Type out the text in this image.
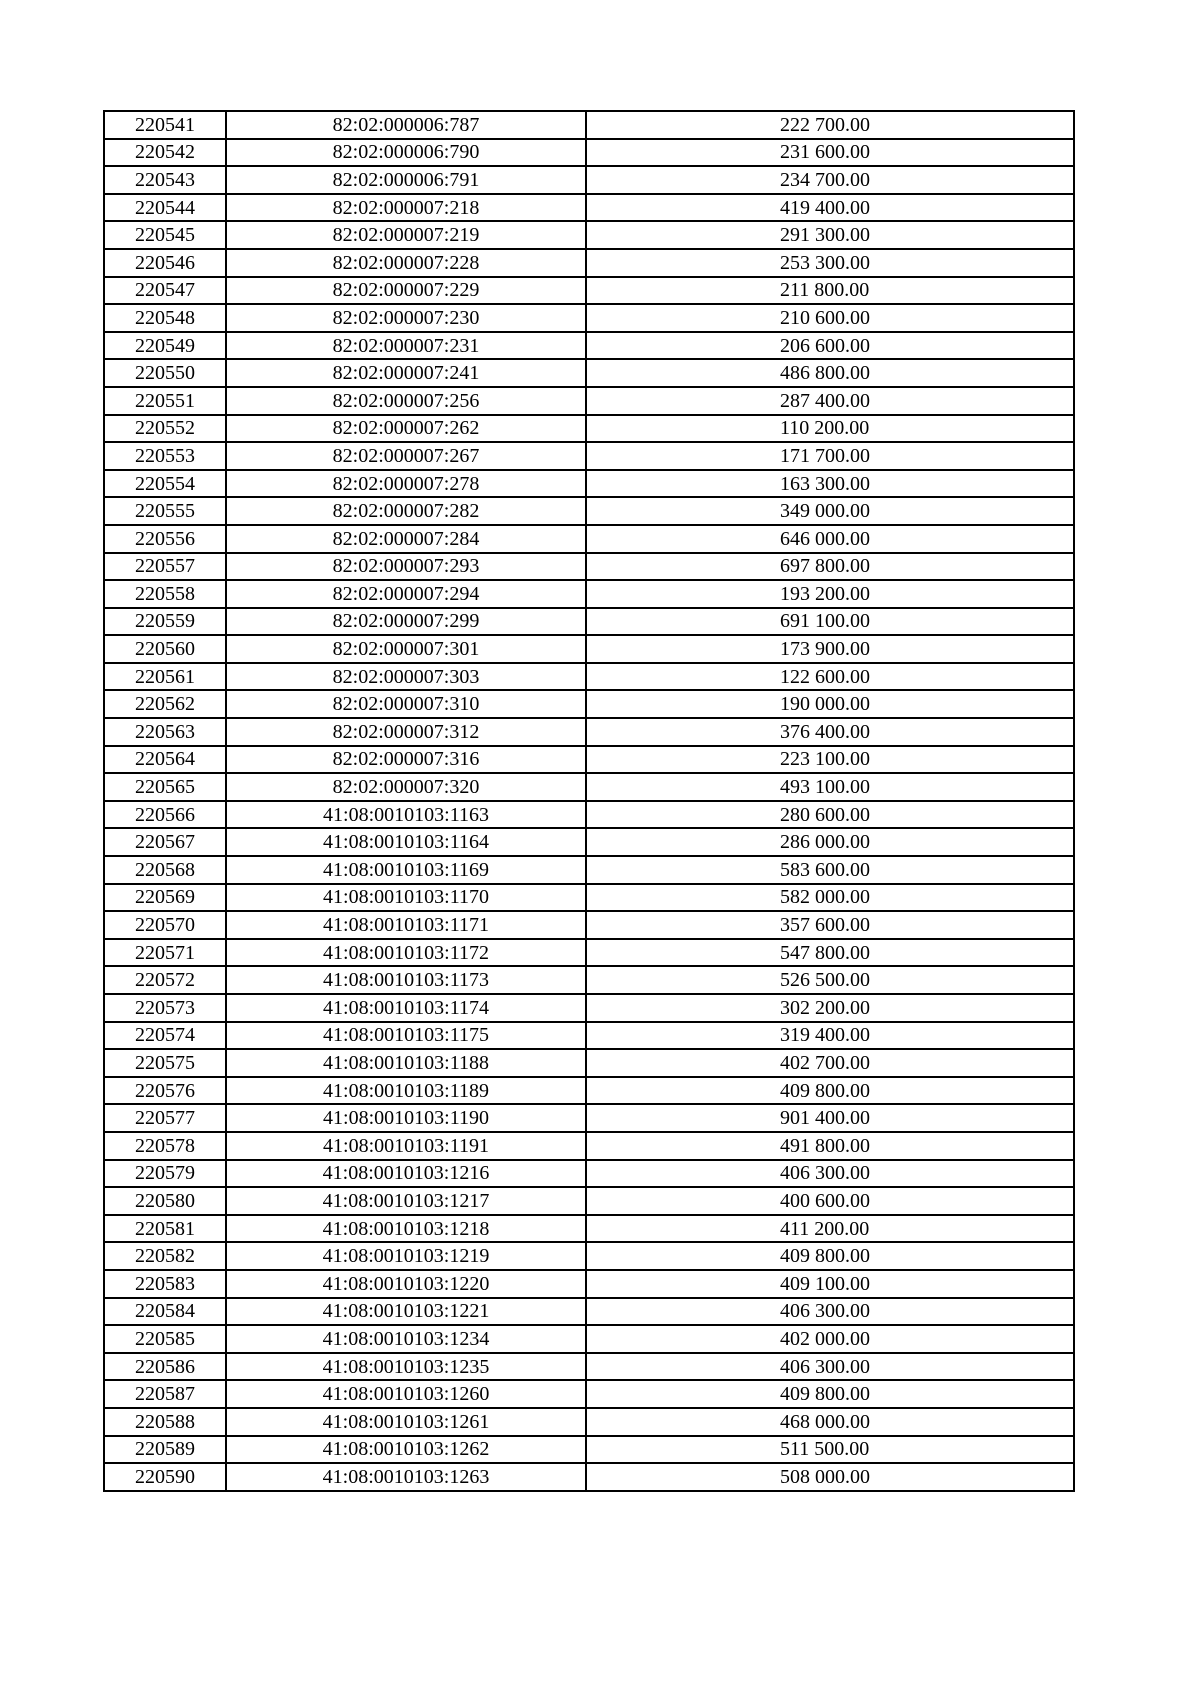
220541	82:02:000006:787	222 700.00
220542	82:02:000006:790	231 600.00
220543	82:02:000006:791	234 700.00
220544	82:02:000007:218	419 400.00
220545	82:02:000007:219	291 300.00
220546	82:02:000007:228	253 300.00
220547	82:02:000007:229	211 800.00
220548	82:02:000007:230	210 600.00
220549	82:02:000007:231	206 600.00
220550	82:02:000007:241	486 800.00
220551	82:02:000007:256	287 400.00
220552	82:02:000007:262	110 200.00
220553	82:02:000007:267	171 700.00
220554	82:02:000007:278	163 300.00
220555	82:02:000007:282	349 000.00
220556	82:02:000007:284	646 000.00
220557	82:02:000007:293	697 800.00
220558	82:02:000007:294	193 200.00
220559	82:02:000007:299	691 100.00
220560	82:02:000007:301	173 900.00
220561	82:02:000007:303	122 600.00
220562	82:02:000007:310	190 000.00
220563	82:02:000007:312	376 400.00
220564	82:02:000007:316	223 100.00
220565	82:02:000007:320	493 100.00
220566	41:08:0010103:1163	280 600.00
220567	41:08:0010103:1164	286 000.00
220568	41:08:0010103:1169	583 600.00
220569	41:08:0010103:1170	582 000.00
220570	41:08:0010103:1171	357 600.00
220571	41:08:0010103:1172	547 800.00
220572	41:08:0010103:1173	526 500.00
220573	41:08:0010103:1174	302 200.00
220574	41:08:0010103:1175	319 400.00
220575	41:08:0010103:1188	402 700.00
220576	41:08:0010103:1189	409 800.00
220577	41:08:0010103:1190	901 400.00
220578	41:08:0010103:1191	491 800.00
220579	41:08:0010103:1216	406 300.00
220580	41:08:0010103:1217	400 600.00
220581	41:08:0010103:1218	411 200.00
220582	41:08:0010103:1219	409 800.00
220583	41:08:0010103:1220	409 100.00
220584	41:08:0010103:1221	406 300.00
220585	41:08:0010103:1234	402 000.00
220586	41:08:0010103:1235	406 300.00
220587	41:08:0010103:1260	409 800.00
220588	41:08:0010103:1261	468 000.00
220589	41:08:0010103:1262	511 500.00
220590	41:08:0010103:1263	508 000.00
